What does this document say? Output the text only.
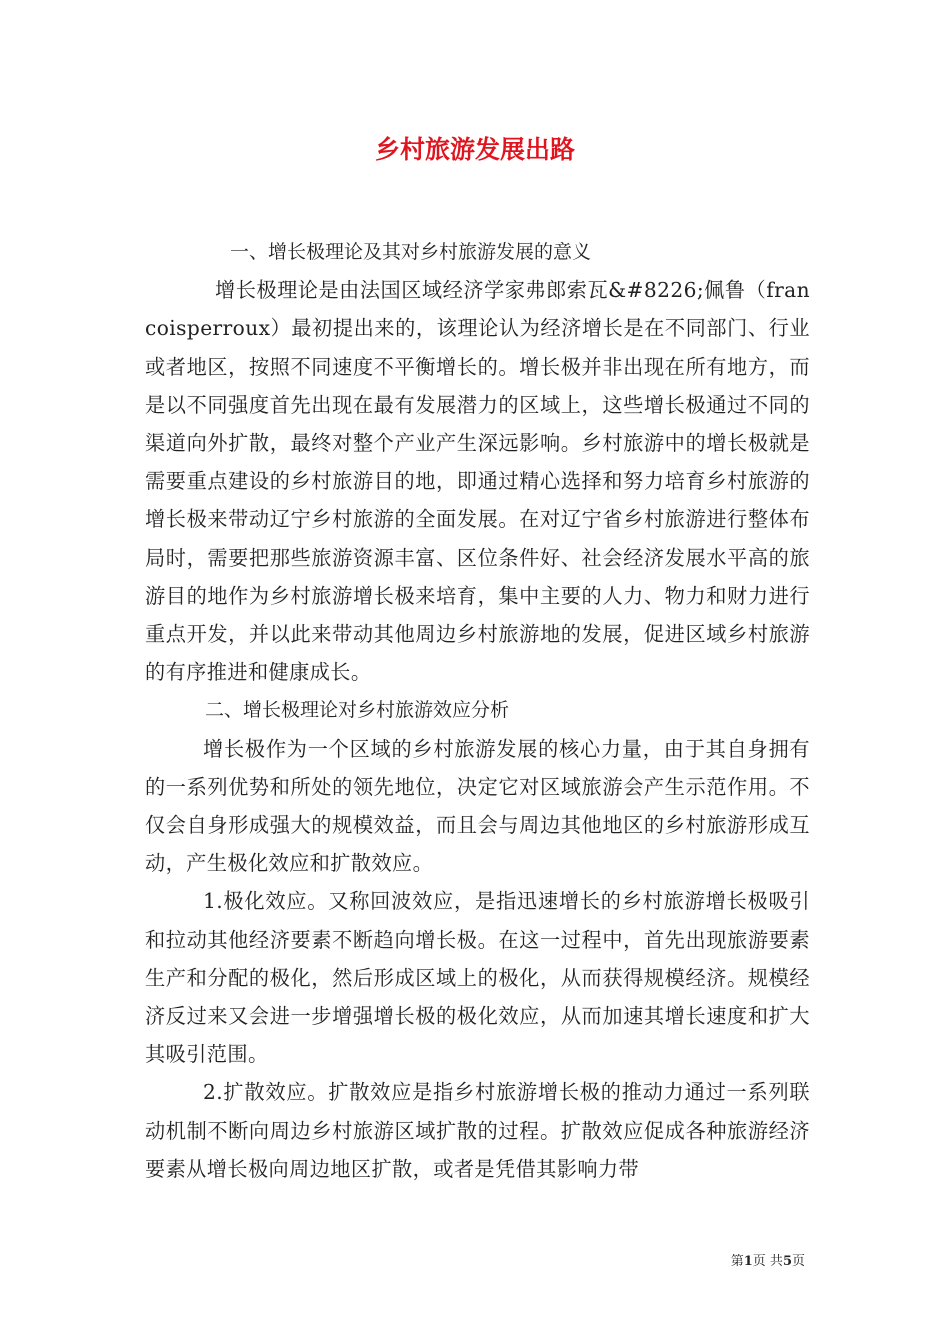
乡村旅游发展出路

一、增长极理论及其对乡村旅游发展的意义

增长极理论是由法国区域经济学家弗郎索瓦&#8226;佩鲁（francoisperroux）最初提出来的，该理论认为经济增长是在不同部门、行业或者地区，按照不同速度不平衡增长的。增长极并非出现在所有地方，而是以不同强度首先出现在最有发展潜力的区域上，这些增长极通过不同的渠道向外扩散，最终对整个产业产生深远影响。乡村旅游中的增长极就是需要重点建设的乡村旅游目的地，即通过精心选择和努力培育乡村旅游的增长极来带动辽宁乡村旅游的全面发展。在对辽宁省乡村旅游进行整体布局时，需要把那些旅游资源丰富、区位条件好、社会经济发展水平高的旅游目的地作为乡村旅游增长极来培育，集中主要的人力、物力和财力进行重点开发，并以此来带动其他周边乡村旅游地的发展，促进区域乡村旅游的有序推进和健康成长。

二、增长极理论对乡村旅游效应分析

增长极作为一个区域的乡村旅游发展的核心力量，由于其自身拥有的一系列优势和所处的领先地位，决定它对区域旅游会产生示范作用。不仅会自身形成强大的规模效益，而且会与周边其他地区的乡村旅游形成互动，产生极化效应和扩散效应。

1.极化效应。又称回波效应，是指迅速增长的乡村旅游增长极吸引和拉动其他经济要素不断趋向增长极。在这一过程中，首先出现旅游要素生产和分配的极化，然后形成区域上的极化，从而获得规模经济。规模经济反过来又会进一步增强增长极的极化效应，从而加速其增长速度和扩大其吸引范围。

2.扩散效应。扩散效应是指乡村旅游增长极的推动力通过一系列联动机制不断向周边乡村旅游区域扩散的过程。扩散效应促成各种旅游经济要素从增长极向周边地区扩散，或者是凭借其影响力带

第1页 共5页
